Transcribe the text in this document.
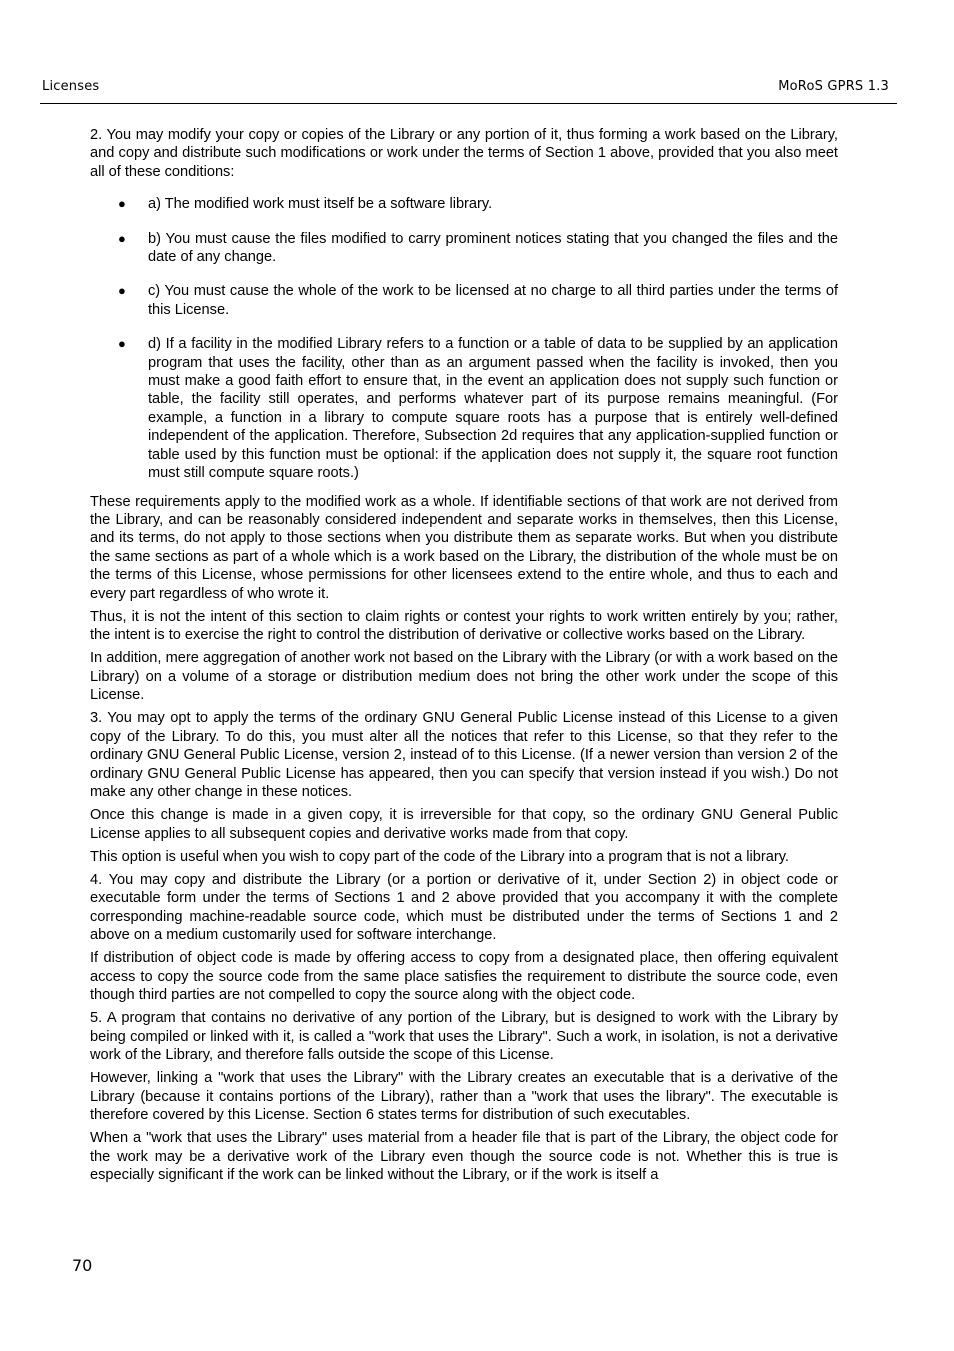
Licenses	MoRoS GPRS 1.3

2. You may modify your copy or copies of the Library or any portion of it, thus forming a work based on the Library, and copy and distribute such modifications or work under the terms of Section 1 above, provided that you also meet all of these conditions:

● a) The modified work must itself be a software library.
● b) You must cause the files modified to carry prominent notices stating that you changed the files and the date of any change.
● c) You must cause the whole of the work to be licensed at no charge to all third parties under the terms of this License.
● d) If a facility in the modified Library refers to a function or a table of data to be supplied by an application program that uses the facility, other than as an argument passed when the facility is invoked, then you must make a good faith effort to ensure that, in the event an application does not supply such function or table, the facility still operates, and performs whatever part of its purpose remains meaningful. (For example, a function in a library to compute square roots has a purpose that is entirely well-defined independent of the application. Therefore, Subsection 2d requires that any application-supplied function or table used by this function must be optional: if the application does not supply it, the square root function must still compute square roots.)

These requirements apply to the modified work as a whole. If identifiable sections of that work are not derived from the Library, and can be reasonably considered independent and separate works in themselves, then this License, and its terms, do not apply to those sections when you distribute them as separate works. But when you distribute the same sections as part of a whole which is a work based on the Library, the distribution of the whole must be on the terms of this License, whose permissions for other licensees extend to the entire whole, and thus to each and every part regardless of who wrote it.

Thus, it is not the intent of this section to claim rights or contest your rights to work written entirely by you; rather, the intent is to exercise the right to control the distribution of derivative or collective works based on the Library.

In addition, mere aggregation of another work not based on the Library with the Library (or with a work based on the Library) on a volume of a storage or distribution medium does not bring the other work under the scope of this License.

3. You may opt to apply the terms of the ordinary GNU General Public License instead of this License to a given copy of the Library. To do this, you must alter all the notices that refer to this License, so that they refer to the ordinary GNU General Public License, version 2, instead of to this License. (If a newer version than version 2 of the ordinary GNU General Public License has appeared, then you can specify that version instead if you wish.) Do not make any other change in these notices.

Once this change is made in a given copy, it is irreversible for that copy, so the ordinary GNU General Public License applies to all subsequent copies and derivative works made from that copy.

This option is useful when you wish to copy part of the code of the Library into a program that is not a library.

4. You may copy and distribute the Library (or a portion or derivative of it, under Section 2) in object code or executable form under the terms of Sections 1 and 2 above provided that you accompany it with the complete corresponding machine-readable source code, which must be distributed under the terms of Sections 1 and 2 above on a medium customarily used for software interchange.

If distribution of object code is made by offering access to copy from a designated place, then offering equivalent access to copy the source code from the same place satisfies the requirement to distribute the source code, even though third parties are not compelled to copy the source along with the object code.

5. A program that contains no derivative of any portion of the Library, but is designed to work with the Library by being compiled or linked with it, is called a "work that uses the Library". Such a work, in isolation, is not a derivative work of the Library, and therefore falls outside the scope of this License.

However, linking a "work that uses the Library" with the Library creates an executable that is a derivative of the Library (because it contains portions of the Library), rather than a "work that uses the library". The executable is therefore covered by this License. Section 6 states terms for distribution of such executables.

When a "work that uses the Library" uses material from a header file that is part of the Library, the object code for the work may be a derivative work of the Library even though the source code is not. Whether this is true is especially significant if the work can be linked without the Library, or if the work is itself a

70
